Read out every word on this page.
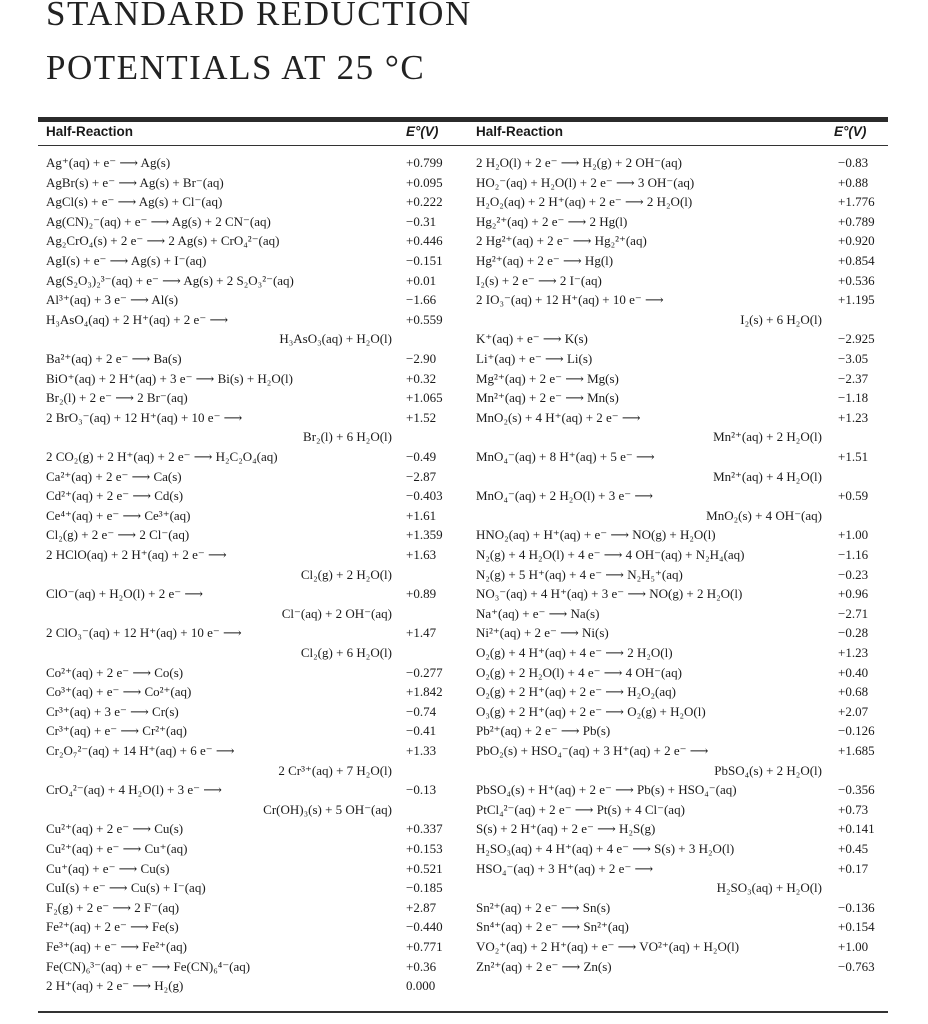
STANDARD REDUCTION
POTENTIALS AT 25 °C
Half-Reaction	E°(V)	Half-Reaction	E°(V)
Ag⁺(aq) + e⁻ ⟶ Ag(s)	+0.799
AgBr(s) + e⁻ ⟶ Ag(s) + Br⁻(aq)	+0.095
AgCl(s) + e⁻ ⟶ Ag(s) + Cl⁻(aq)	+0.222
Ag(CN)₂⁻(aq) + e⁻ ⟶ Ag(s) + 2 CN⁻(aq)	−0.31
Ag₂CrO₄(s) + 2 e⁻ ⟶ 2 Ag(s) + CrO₄²⁻(aq)	+0.446
AgI(s) + e⁻ ⟶ Ag(s) + I⁻(aq)	−0.151
Ag(S₂O₃)₂³⁻(aq) + e⁻ ⟶ Ag(s) + 2 S₂O₃²⁻(aq)	+0.01
Al³⁺(aq) + 3 e⁻ ⟶ Al(s)	−1.66
H₃AsO₄(aq) + 2 H⁺(aq) + 2 e⁻ ⟶	+0.559
H₃AsO₃(aq) + H₂O(l)
Ba²⁺(aq) + 2 e⁻ ⟶ Ba(s)	−2.90
BiO⁺(aq) + 2 H⁺(aq) + 3 e⁻ ⟶ Bi(s) + H₂O(l)	+0.32
Br₂(l) + 2 e⁻ ⟶ 2 Br⁻(aq)	+1.065
2 BrO₃⁻(aq) + 12 H⁺(aq) + 10 e⁻ ⟶	+1.52
Br₂(l) + 6 H₂O(l)
2 CO₂(g) + 2 H⁺(aq) + 2 e⁻ ⟶ H₂C₂O₄(aq)	−0.49
Ca²⁺(aq) + 2 e⁻ ⟶ Ca(s)	−2.87
Cd²⁺(aq) + 2 e⁻ ⟶ Cd(s)	−0.403
Ce⁴⁺(aq) + e⁻ ⟶ Ce³⁺(aq)	+1.61
Cl₂(g) + 2 e⁻ ⟶ 2 Cl⁻(aq)	+1.359
2 HClO(aq) + 2 H⁺(aq) + 2 e⁻ ⟶	+1.63
Cl₂(g) + 2 H₂O(l)
ClO⁻(aq) + H₂O(l) + 2 e⁻ ⟶	+0.89
Cl⁻(aq) + 2 OH⁻(aq)
2 ClO₃⁻(aq) + 12 H⁺(aq) + 10 e⁻ ⟶	+1.47
Cl₂(g) + 6 H₂O(l)
Co²⁺(aq) + 2 e⁻ ⟶ Co(s)	−0.277
Co³⁺(aq) + e⁻ ⟶ Co²⁺(aq)	+1.842
Cr³⁺(aq) + 3 e⁻ ⟶ Cr(s)	−0.74
Cr³⁺(aq) + e⁻ ⟶ Cr²⁺(aq)	−0.41
Cr₂O₇²⁻(aq) + 14 H⁺(aq) + 6 e⁻ ⟶	+1.33
2 Cr³⁺(aq) + 7 H₂O(l)
CrO₄²⁻(aq) + 4 H₂O(l) + 3 e⁻ ⟶	−0.13
Cr(OH)₃(s) + 5 OH⁻(aq)
Cu²⁺(aq) + 2 e⁻ ⟶ Cu(s)	+0.337
Cu²⁺(aq) + e⁻ ⟶ Cu⁺(aq)	+0.153
Cu⁺(aq) + e⁻ ⟶ Cu(s)	+0.521
CuI(s) + e⁻ ⟶ Cu(s) + I⁻(aq)	−0.185
F₂(g) + 2 e⁻ ⟶ 2 F⁻(aq)	+2.87
Fe²⁺(aq) + 2 e⁻ ⟶ Fe(s)	−0.440
Fe³⁺(aq) + e⁻ ⟶ Fe²⁺(aq)	+0.771
Fe(CN)₆³⁻(aq) + e⁻ ⟶ Fe(CN)₆⁴⁻(aq)	+0.36
2 H⁺(aq) + 2 e⁻ ⟶ H₂(g)	0.000
2 H₂O(l) + 2 e⁻ ⟶ H₂(g) + 2 OH⁻(aq)	−0.83
HO₂⁻(aq) + H₂O(l) + 2 e⁻ ⟶ 3 OH⁻(aq)	+0.88
H₂O₂(aq) + 2 H⁺(aq) + 2 e⁻ ⟶ 2 H₂O(l)	+1.776
Hg₂²⁺(aq) + 2 e⁻ ⟶ 2 Hg(l)	+0.789
2 Hg²⁺(aq) + 2 e⁻ ⟶ Hg₂²⁺(aq)	+0.920
Hg²⁺(aq) + 2 e⁻ ⟶ Hg(l)	+0.854
I₂(s) + 2 e⁻ ⟶ 2 I⁻(aq)	+0.536
2 IO₃⁻(aq) + 12 H⁺(aq) + 10 e⁻ ⟶	+1.195
I₂(s) + 6 H₂O(l)
K⁺(aq) + e⁻ ⟶ K(s)	−2.925
Li⁺(aq) + e⁻ ⟶ Li(s)	−3.05
Mg²⁺(aq) + 2 e⁻ ⟶ Mg(s)	−2.37
Mn²⁺(aq) + 2 e⁻ ⟶ Mn(s)	−1.18
MnO₂(s) + 4 H⁺(aq) + 2 e⁻ ⟶	+1.23
Mn²⁺(aq) + 2 H₂O(l)
MnO₄⁻(aq) + 8 H⁺(aq) + 5 e⁻ ⟶	+1.51
Mn²⁺(aq) + 4 H₂O(l)
MnO₄⁻(aq) + 2 H₂O(l) + 3 e⁻ ⟶	+0.59
MnO₂(s) + 4 OH⁻(aq)
HNO₂(aq) + H⁺(aq) + e⁻ ⟶ NO(g) + H₂O(l)	+1.00
N₂(g) + 4 H₂O(l) + 4 e⁻ ⟶ 4 OH⁻(aq) + N₂H₄(aq)	−1.16
N₂(g) + 5 H⁺(aq) + 4 e⁻ ⟶ N₂H₅⁺(aq)	−0.23
NO₃⁻(aq) + 4 H⁺(aq) + 3 e⁻ ⟶ NO(g) + 2 H₂O(l)	+0.96
Na⁺(aq) + e⁻ ⟶ Na(s)	−2.71
Ni²⁺(aq) + 2 e⁻ ⟶ Ni(s)	−0.28
O₂(g) + 4 H⁺(aq) + 4 e⁻ ⟶ 2 H₂O(l)	+1.23
O₂(g) + 2 H₂O(l) + 4 e⁻ ⟶ 4 OH⁻(aq)	+0.40
O₂(g) + 2 H⁺(aq) + 2 e⁻ ⟶ H₂O₂(aq)	+0.68
O₃(g) + 2 H⁺(aq) + 2 e⁻ ⟶ O₂(g) + H₂O(l)	+2.07
Pb²⁺(aq) + 2 e⁻ ⟶ Pb(s)	−0.126
PbO₂(s) + HSO₄⁻(aq) + 3 H⁺(aq) + 2 e⁻ ⟶	+1.685
PbSO₄(s) + 2 H₂O(l)
PbSO₄(s) + H⁺(aq) + 2 e⁻ ⟶ Pb(s) + HSO₄⁻(aq)	−0.356
PtCl₄²⁻(aq) + 2 e⁻ ⟶ Pt(s) + 4 Cl⁻(aq)	+0.73
S(s) + 2 H⁺(aq) + 2 e⁻ ⟶ H₂S(g)	+0.141
H₂SO₃(aq) + 4 H⁺(aq) + 4 e⁻ ⟶ S(s) + 3 H₂O(l)	+0.45
HSO₄⁻(aq) + 3 H⁺(aq) + 2 e⁻ ⟶	+0.17
H₂SO₃(aq) + H₂O(l)
Sn²⁺(aq) + 2 e⁻ ⟶ Sn(s)	−0.136
Sn⁴⁺(aq) + 2 e⁻ ⟶ Sn²⁺(aq)	+0.154
VO₂⁺(aq) + 2 H⁺(aq) + e⁻ ⟶ VO²⁺(aq) + H₂O(l)	+1.00
Zn²⁺(aq) + 2 e⁻ ⟶ Zn(s)	−0.763
